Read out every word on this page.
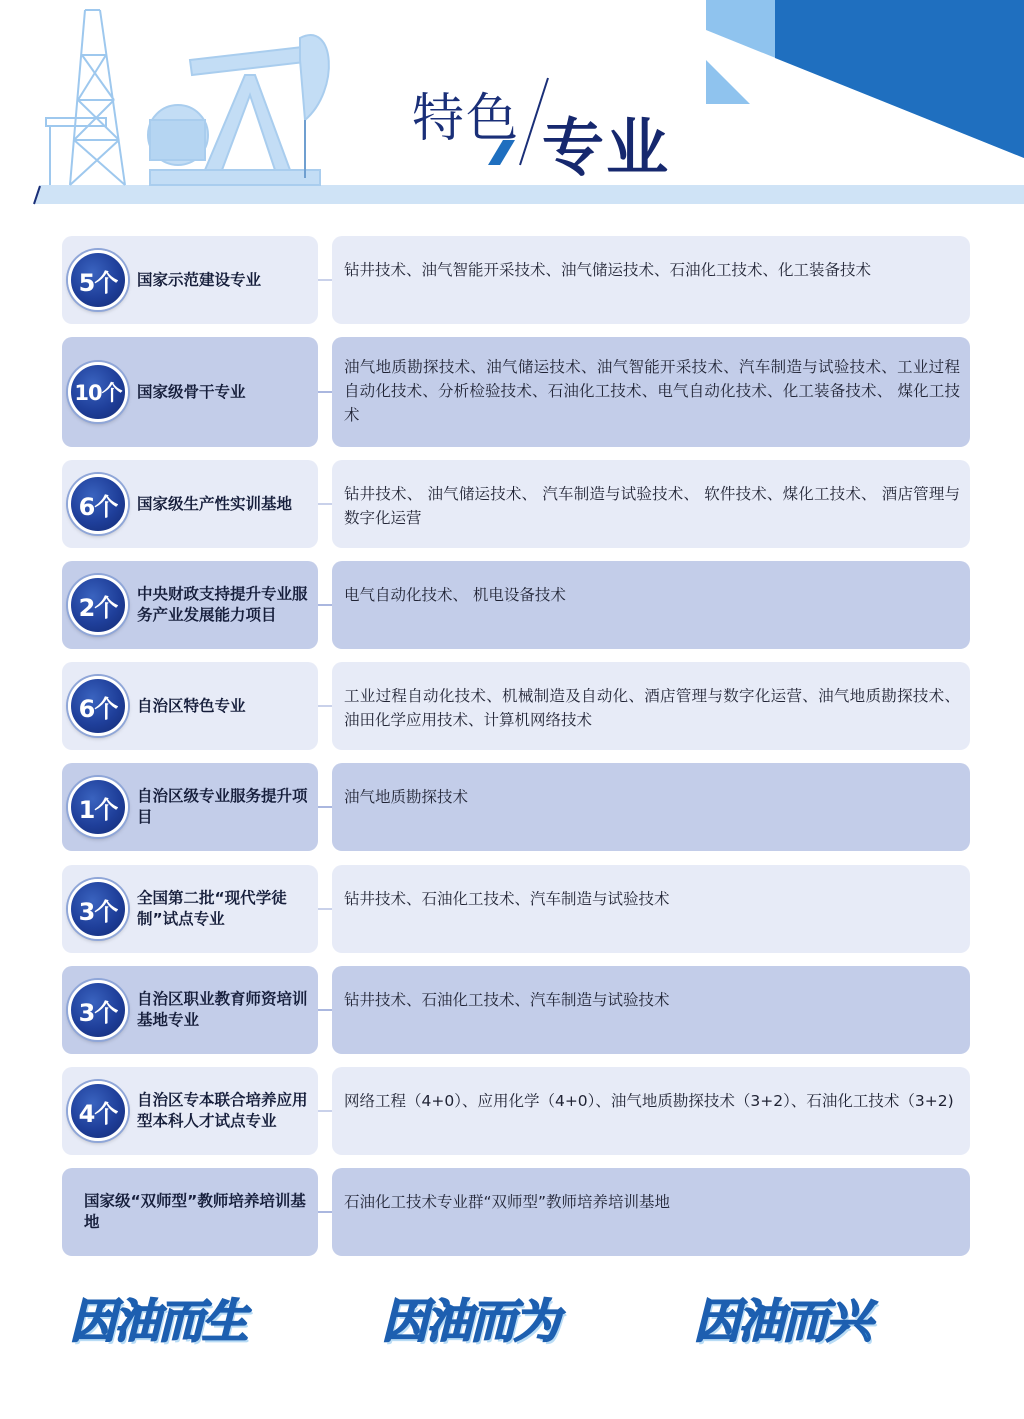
特色 专业
5个 国家示范建设专业
钻井技术、油气智能开采技术、油气储运技术、石油化工技术、化工装备技术
10个 国家级骨干专业
油气地质勘探技术、油气储运技术、油气智能开采技术、汽车制造与试验技术、工业过程自动化技术、分析检验技术、石油化工技术、电气自动化技术、化工装备技术、 煤化工技术
6个 国家级生产性实训基地
钻井技术、 油气储运技术、 汽车制造与试验技术、 软件技术、煤化工技术、 酒店管理与数字化运营
2个 中央财政支持提升专业服务产业发展能力项目
电气自动化技术、 机电设备技术
6个 自治区特色专业
工业过程自动化技术、机械制造及自动化、酒店管理与数字化运营、油气地质勘探技术、油田化学应用技术、计算机网络技术
1个 自治区级专业服务提升项目
油气地质勘探技术
3个 全国第二批“现代学徒制”试点专业
钻井技术、石油化工技术、汽车制造与试验技术
3个 自治区职业教育师资培训基地专业
钻井技术、石油化工技术、汽车制造与试验技术
4个 自治区专本联合培养应用型本科人才试点专业
网络工程（4+0）、应用化学（4+0）、油气地质勘探技术（3+2）、石油化工技术（3+2)
国家级“双师型”教师培养培训基地
石油化工技术专业群“双师型”教师培养培训基地
因油而生	因油而为	因油而兴
